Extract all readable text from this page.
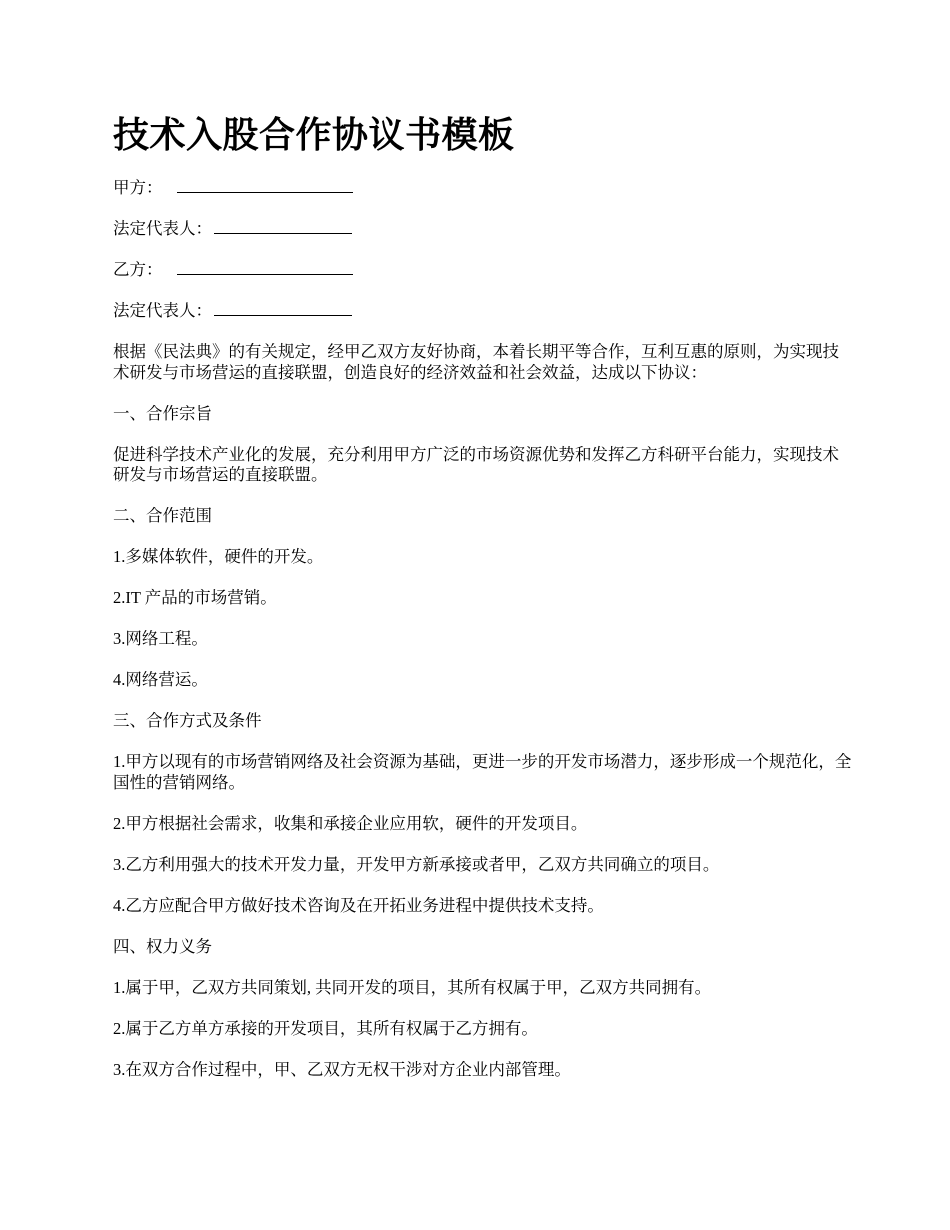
技术入股合作协议书模板

甲方：

法定代表人：

乙方：

法定代表人：

根据《民法典》的有关规定，经甲乙双方友好协商，本着长期平等合作，互利互惠的原则，为实现技术研发与市场营运的直接联盟，创造良好的经济效益和社会效益，达成以下协议：

一、合作宗旨

促进科学技术产业化的发展，充分利用甲方广泛的市场资源优势和发挥乙方科研平台能力，实现技术研发与市场营运的直接联盟。

二、合作范围

1.多媒体软件，硬件的开发。

2.IT 产品的市场营销。

3.网络工程。

4.网络营运。

三、合作方式及条件

1.甲方以现有的市场营销网络及社会资源为基础，更进一步的开发市场潜力，逐步形成一个规范化，全国性的营销网络。

2.甲方根据社会需求，收集和承接企业应用软，硬件的开发项目。

3.乙方利用强大的技术开发力量，开发甲方新承接或者甲，乙双方共同确立的项目。

4.乙方应配合甲方做好技术咨询及在开拓业务进程中提供技术支持。

四、权力义务

1.属于甲，乙双方共同策划, 共同开发的项目，其所有权属于甲，乙双方共同拥有。

2.属于乙方单方承接的开发项目，其所有权属于乙方拥有。

3.在双方合作过程中，甲、乙双方无权干涉对方企业内部管理。
